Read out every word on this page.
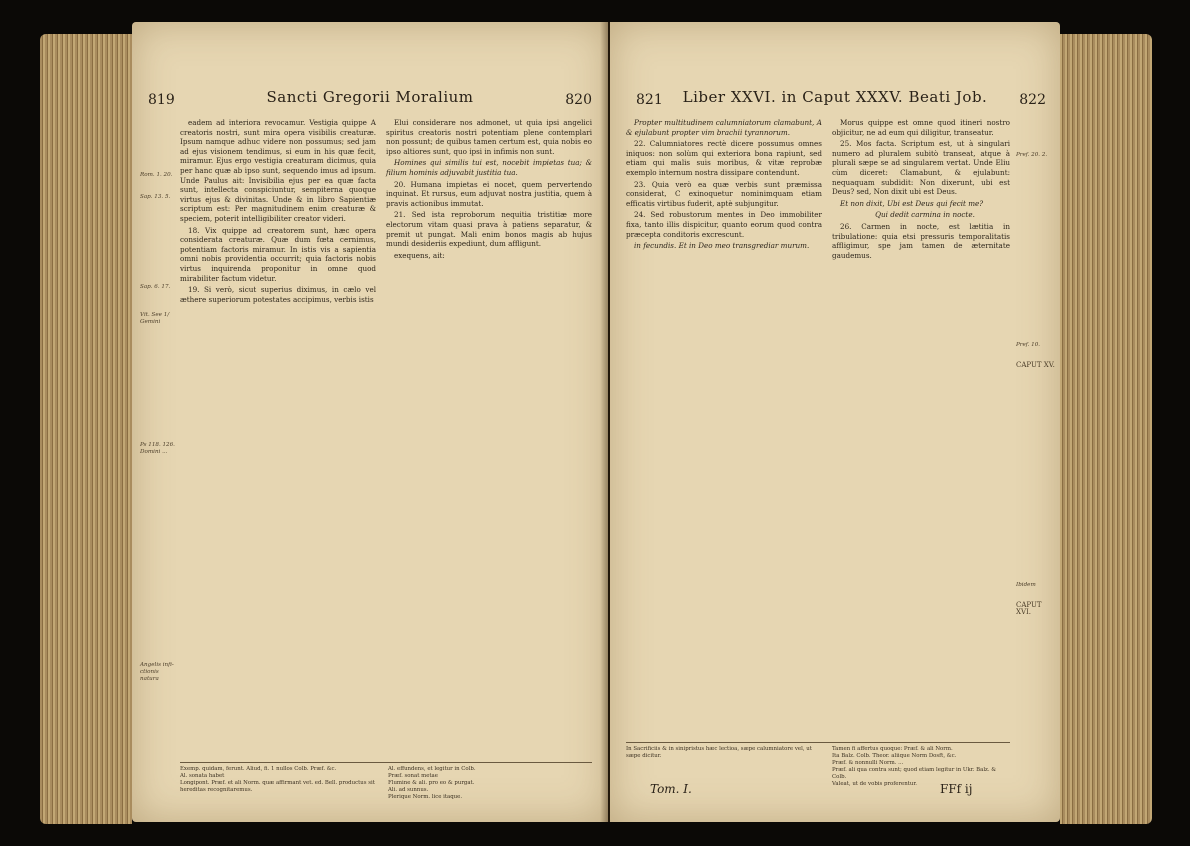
819	Sancti Gregorii Moralium	820
Rom. 1. 20.
Sap. 13. 5.
Sap. 6. 17.
Vit. See 1/ Gemini
Ps 118. 126. Domini ...
Angelis infi-ctionis natura

eadem ad interiora revocamur. Vestigia quippe A creatoris nostri, sunt mira opera visibilis creaturæ. Ipsum namque adhuc videre non possumus; sed jam ad ejus visionem tendimus, si eum in his quæ fecit, miramur. Ejus ergo vestigia creaturam dicimus, quia per hanc quæ ab ipso sunt, sequendo imus ad ipsum. Unde Paulus ait: Invisibilia ejus per ea quæ facta sunt, intellecta conspiciuntur, sempiterna quoque virtus ejus & divinitas. Unde & in libro Sapientiæ scriptum est: Per magnitudinem enim creaturæ & speciem, poterit intelligibiliter creator videri.

18. Vix quippe ad creatorem sunt, hæc opera considerata creaturæ. Quæ dum fœta cernimus, potentiam factoris miramur. In istis vis a sapientia omni nobis providentia occurrit; quia factoris nobis virtus inquirenda proponitur in omne quod mirabiliter factum videtur.

19. Si verò, sicut superius diximus, in cælo vel æthere superiorum potestates accipimus, verbis istis

Elui considerare nos admonet, ut quia ipsi angelici spiritus creatoris nostri potentiam plene contemplari non possunt; de quibus tamen certum est, quia nobis eo ipso altiores sunt, quo ipsi in infimis non sunt.

Homines qui similis tui est, nocebit impietas tua; & filium hominis adjuvabit justitia tua.

20. Humana impietas ei nocet, quem pervertendo inquinat. Et rursus, eum adjuvat nostra justitia, quem à pravis actionibus immutat.

21. Sed ista reproborum nequitia tristitiæ more electorum vitam quasi prava à patiens separatur, & premit ut pungat. Mali enim bonos magis ab hujus mundi desideriis expediunt, dum affligunt.

exequens, ait:

Exemp. quidam, ferunt. Aliud, fi. 1 nullos Colb. Præf. &c.
Al. sonata habet
Longipont. Præf. et ali Norm. quæ affirmant vet. ed. Bell. productus sit hereditas recognitaremus.
Al. effundens, et legitur in Colb.
Præf. sonat metae
Flumine & ali. pro eo & purgat.
Ali. ad sunnus.
Plerique Norm. lice itaque.
821	Liber XXVI. in Caput XXXV. Beati Job.	822

Propter multitudinem calumniatorum clamabunt, A & ejulabunt propter vim brachii tyrannorum.

22. Calumniatores rectè dicere possumus omnes iniquos: non solùm qui exteriora bona rapiunt, sed etiam qui malis suis moribus, & vitæ reprobæ exemplo internum nostra dissipare contendunt.

23. Quia verò ea quæ verbis sunt præmissa considerat, C exinoquetur nominimquam etiam efficatis virtibus fuderit, aptè subjungitur.

24. Sed robustorum mentes in Deo immobiliter fixa, tanto illis dispicitur, quanto eorum quod contra præcepta conditoris excrescunt.

in fecundis. Et in Deo meo transgrediar murum.

Morus quippe est omne quod itineri nostro objicitur, ne ad eum qui diligitur, transeatur.

25. Mos facta. Scriptum est, ut à singulari numero ad pluralem subitò transeat, atque à plurali sæpe se ad singularem vertat. Unde Eliu cùm diceret: Clamabunt, & ejulabunt: nequaquam subdidit: Non dixerunt, ubi est Deus? sed, Non dixit ubi est Deus.

Et non dixit, Ubi est Deus qui fecit me?

Qui dedit carmina in nocte.

26. Carmen in nocte, est lætitia in tribulatione: quia etsi pressuris temporalitatis affligimur, spe jam tamen de æternitate gaudemus.

Pref. 20. 2.
Pref. 10.
CAPUT XV.
Ibidem
CAPUT XVI.
In Sacrificiis & in sinipristus hæc lectioa, sæpe calumniatore vel, ut sæpe dicitur.
Tamen fi affertus quoque: Præf. & ali Norm.
Ita Balz. Colb. Theor. aliique Norm Dosft, &c.
Præf. & nonnulli Norm. ...
Præf. ali qua contra sunt; quod etiam legitur in Ukr. Balz. & Colb.
Valeat, ut de vobis proferentur.
Tom. I.	FFf ij
